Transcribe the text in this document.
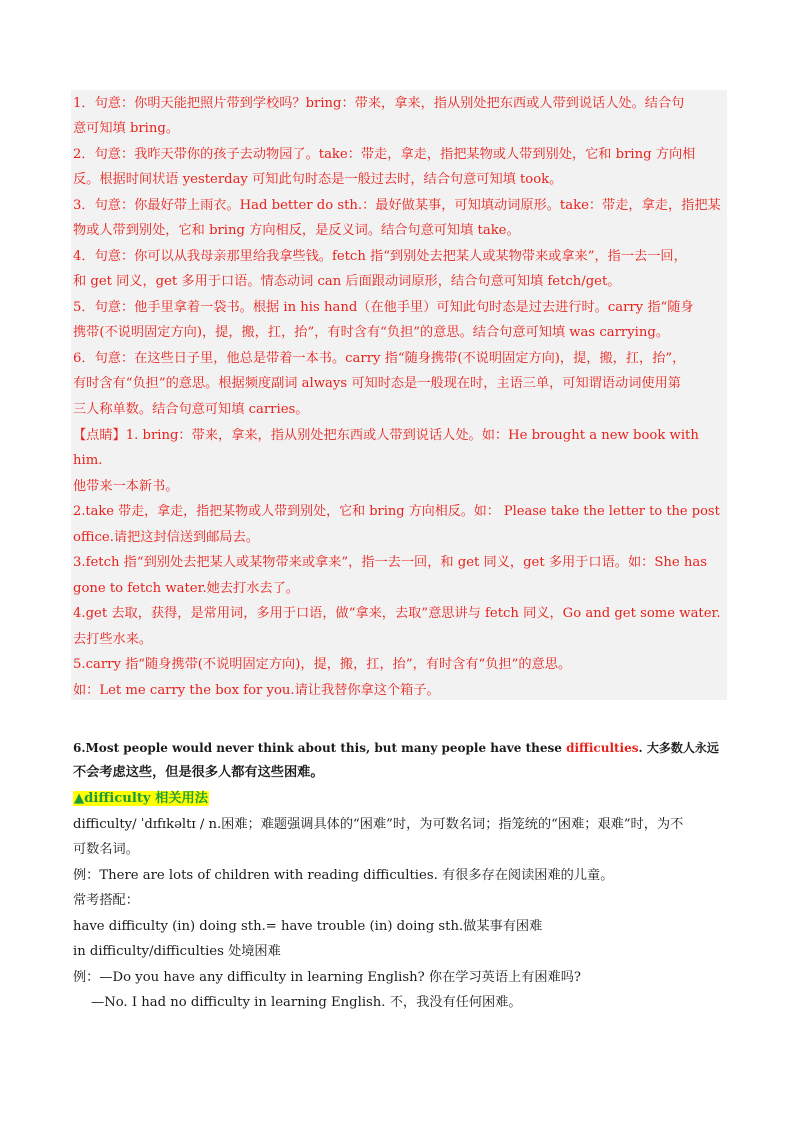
1．句意：你明天能把照片带到学校吗？bring：带来，拿来，指从别处把东西或人带到说话人处。结合句
意可知填 bring。
2．句意：我昨天带你的孩子去动物园了。take：带走，拿走，指把某物或人带到别处，它和 bring 方向相
反。根据时间状语 yesterday 可知此句时态是一般过去时，结合句意可知填 took。
3．句意：你最好带上雨衣。Had better do sth.：最好做某事，可知填动词原形。take：带走，拿走，指把某
物或人带到别处，它和 bring 方向相反，是反义词。结合句意可知填 take。
4．句意：你可以从我母亲那里给我拿些钱。fetch 指“到别处去把某人或某物带来或拿来”，指一去一回，
和 get 同义，get 多用于口语。情态动词 can 后面跟动词原形，结合句意可知填 fetch/get。
5．句意：他手里拿着一袋书。根据 in his hand（在他手里）可知此句时态是过去进行时。carry 指“随身
携带(不说明固定方向)，提，搬，扛，抬”，有时含有“负担”的意思。结合句意可知填 was carrying。
6．句意：在这些日子里，他总是带着一本书。carry 指“随身携带(不说明固定方向)，提，搬，扛，抬”，
有时含有“负担”的意思。根据频度副词 always 可知时态是一般现在时，主语三单，可知谓语动词使用第
三人称单数。结合句意可知填 carries。
【点睛】1. bring：带来，拿来，指从别处把东西或人带到说话人处。如：He brought a new book with
him.
他带来一本新书。
2.take 带走，拿走，指把某物或人带到别处，它和 bring 方向相反。如： Please take the letter to the post
office.请把这封信送到邮局去。
3.fetch 指“到别处去把某人或某物带来或拿来”，指一去一回，和 get 同义，get 多用于口语。如：She has
gone to fetch water.她去打水去了。
4.get 去取，获得，是常用词，多用于口语，做“拿来，去取”意思讲与 fetch 同义，Go and get some water.
去打些水来。
5.carry 指“随身携带(不说明固定方向)，提，搬，扛，抬”，有时含有“负担”的意思。
如：Let me carry the box for you.请让我替你拿这个箱子。
6.Most people would never think about this, but many people have these difficulties. 大多数人永远
不会考虑这些，但是很多人都有这些困难。
▲difficulty 相关用法
difficulty/ ˈdɪfɪkəltɪ / n.困难；难题强调具体的“困难”时，为可数名词；指笼统的“困难；艰难”时，为不
可数名词。
例：There are lots of children with reading difficulties. 有很多存在阅读困难的儿童。
常考搭配：
have difficulty (in) doing sth.= have trouble (in) doing sth.做某事有困难
in difficulty/difficulties 处境困难
例：—Do you have any difficulty in learning English? 你在学习英语上有困难吗?
—No. I had no difficulty in learning English. 不，我没有任何困难。
